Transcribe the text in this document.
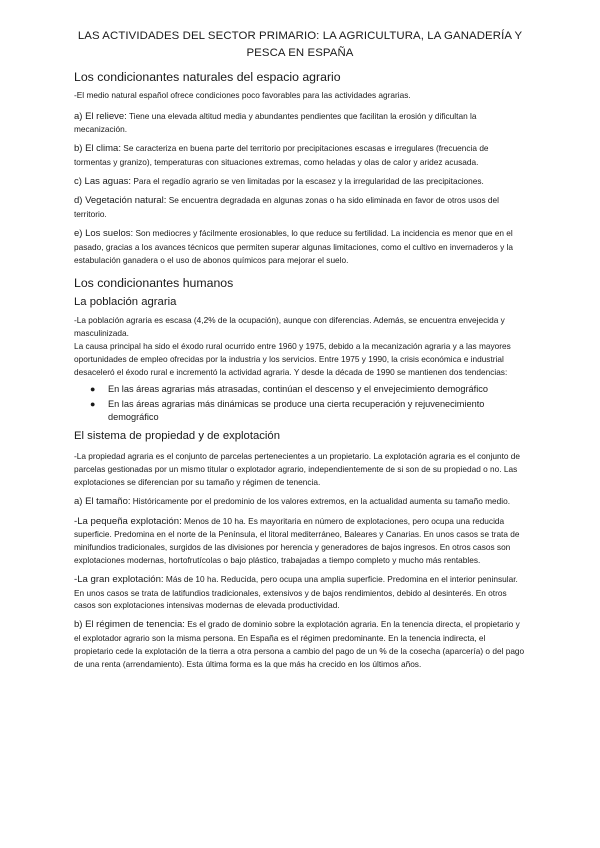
LAS ACTIVIDADES DEL SECTOR PRIMARIO: LA AGRICULTURA, LA GANADERÍA Y PESCA EN ESPAÑA
Los condicionantes naturales del espacio agrario

-El medio natural español ofrece condiciones poco favorables para las actividades agrarias.

a) El relieve: Tiene una elevada altitud media y abundantes pendientes que facilitan la erosión y dificultan la mecanización.

b) El clima: Se caracteriza en buena parte del territorio por precipitaciones escasas e irregulares (frecuencia de tormentas y granizo), temperaturas con situaciones extremas, como heladas y olas de calor y aridez acusada.

c) Las aguas: Para el regadío agrario se ven limitadas por la escasez y la irregularidad de las precipitaciones.

d) Vegetación natural: Se encuentra degradada en algunas zonas o ha sido eliminada en favor de otros usos del territorio.

e) Los suelos: Son mediocres y fácilmente erosionables, lo que reduce su fertilidad. La incidencia es menor que en el pasado, gracias a los avances técnicos que permiten superar algunas limitaciones, como el cultivo en invernaderos y la estabulación ganadera o el uso de abonos químicos para mejorar el suelo.

Los condicionantes humanos
La población agraria

-La población agraria es escasa (4,2% de la ocupación), aunque con diferencias. Además, se encuentra envejecida y masculinizada.

La causa principal ha sido el éxodo rural ocurrido entre 1960 y 1975, debido a la mecanización agraria y a las mayores oportunidades de empleo ofrecidas por la industria y los servicios. Entre 1975 y 1990, la crisis económica e industrial desaceleró el éxodo rural e incrementó la actividad agraria. Y desde la década de 1990 se mantienen dos tendencias:

● En las áreas agrarias más atrasadas, continúan el descenso y el envejecimiento demográfico
● En las áreas agrarias más dinámicas se produce una cierta recuperación y rejuvenecimiento demográfico
El sistema de propiedad y de explotación

-La propiedad agraria es el conjunto de parcelas pertenecientes a un propietario. La explotación agraria es el conjunto de parcelas gestionadas por un mismo titular o explotador agrario, independientemente de si son de su propiedad o no. Las explotaciones se diferencian por su tamaño y régimen de tenencia.

a) El tamaño: Históricamente por el predominio de los valores extremos, en la actualidad aumenta su tamaño medio.

-La pequeña explotación: Menos de 10 ha. Es mayoritaria en número de explotaciones, pero ocupa una reducida superficie. Predomina en el norte de la Península, el litoral mediterráneo, Baleares y Canarias. En unos casos se trata de minifundios tradicionales, surgidos de las divisiones por herencia y generadores de bajos ingresos. En otros casos son explotaciones modernas, hortofrutícolas o bajo plástico, trabajadas a tiempo completo y mucho más rentables.

-La gran explotación: Más de 10 ha. Reducida, pero ocupa una amplia superficie. Predomina en el interior peninsular. En unos casos se trata de latifundios tradicionales, extensivos y de bajos rendimientos, debido al desinterés. En otros casos son explotaciones intensivas modernas de elevada productividad.

b) El régimen de tenencia: Es el grado de dominio sobre la explotación agraria. En la tenencia directa, el propietario y el explotador agrario son la misma persona. En España es el régimen predominante. En la tenencia indirecta, el propietario cede la explotación de la tierra a otra persona a cambio del pago de un % de la cosecha (aparcería) o del pago de una renta (arrendamiento). Esta última forma es la que más ha crecido en los últimos años.
